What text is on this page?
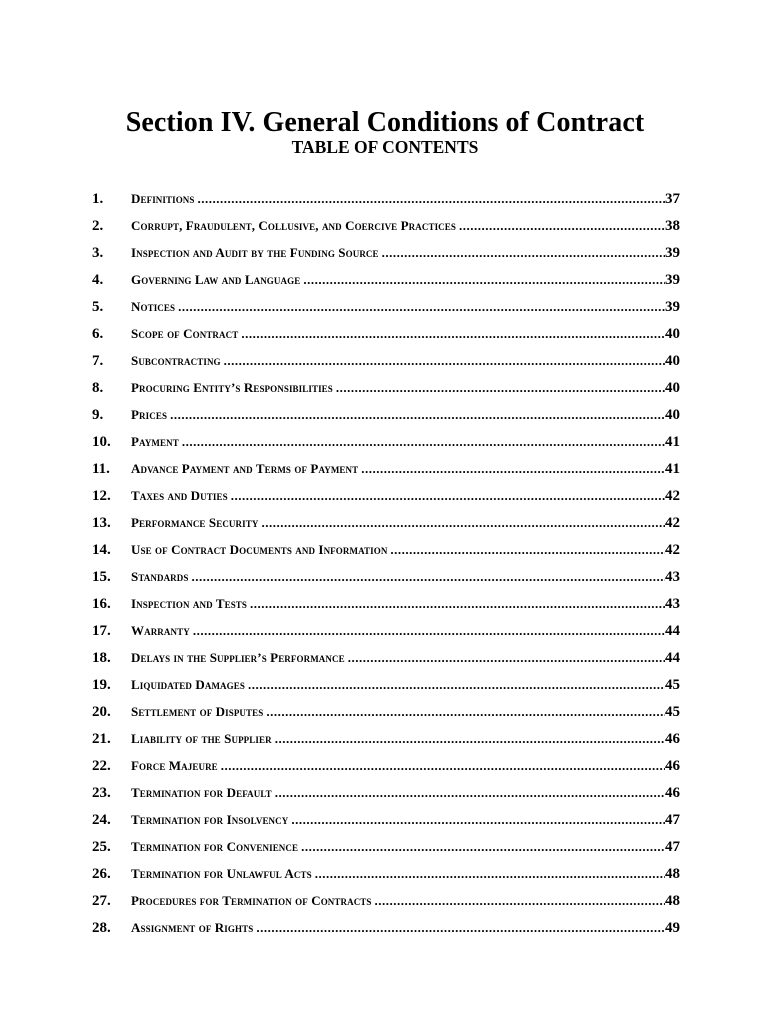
Section IV. General Conditions of Contract
TABLE OF CONTENTS
1.	Definitions .....	37
2.	Corrupt, Fraudulent, Collusive, and Coercive Practices .....	38
3.	Inspection and Audit by the Funding Source .....	39
4.	Governing Law and Language .....	39
5.	Notices .....	39
6.	Scope of Contract .....	40
7.	Subcontracting .....	40
8.	Procuring Entity’s Responsibilities .....	40
9.	Prices .....	40
10.	Payment .....	41
11.	Advance Payment and Terms of Payment .....	41
12.	Taxes and Duties .....	42
13.	Performance Security .....	42
14.	Use of Contract Documents and Information .....	42
15.	Standards .....	43
16.	Inspection and Tests .....	43
17.	Warranty .....	44
18.	Delays in the Supplier’s Performance .....	44
19.	Liquidated Damages .....	45
20.	Settlement of Disputes .....	45
21.	Liability of the Supplier .....	46
22.	Force Majeure .....	46
23.	Termination for Default .....	46
24.	Termination for Insolvency .....	47
25.	Termination for Convenience .....	47
26.	Termination for Unlawful Acts .....	48
27.	Procedures for Termination of Contracts .....	48
28.	Assignment of Rights .....	49
